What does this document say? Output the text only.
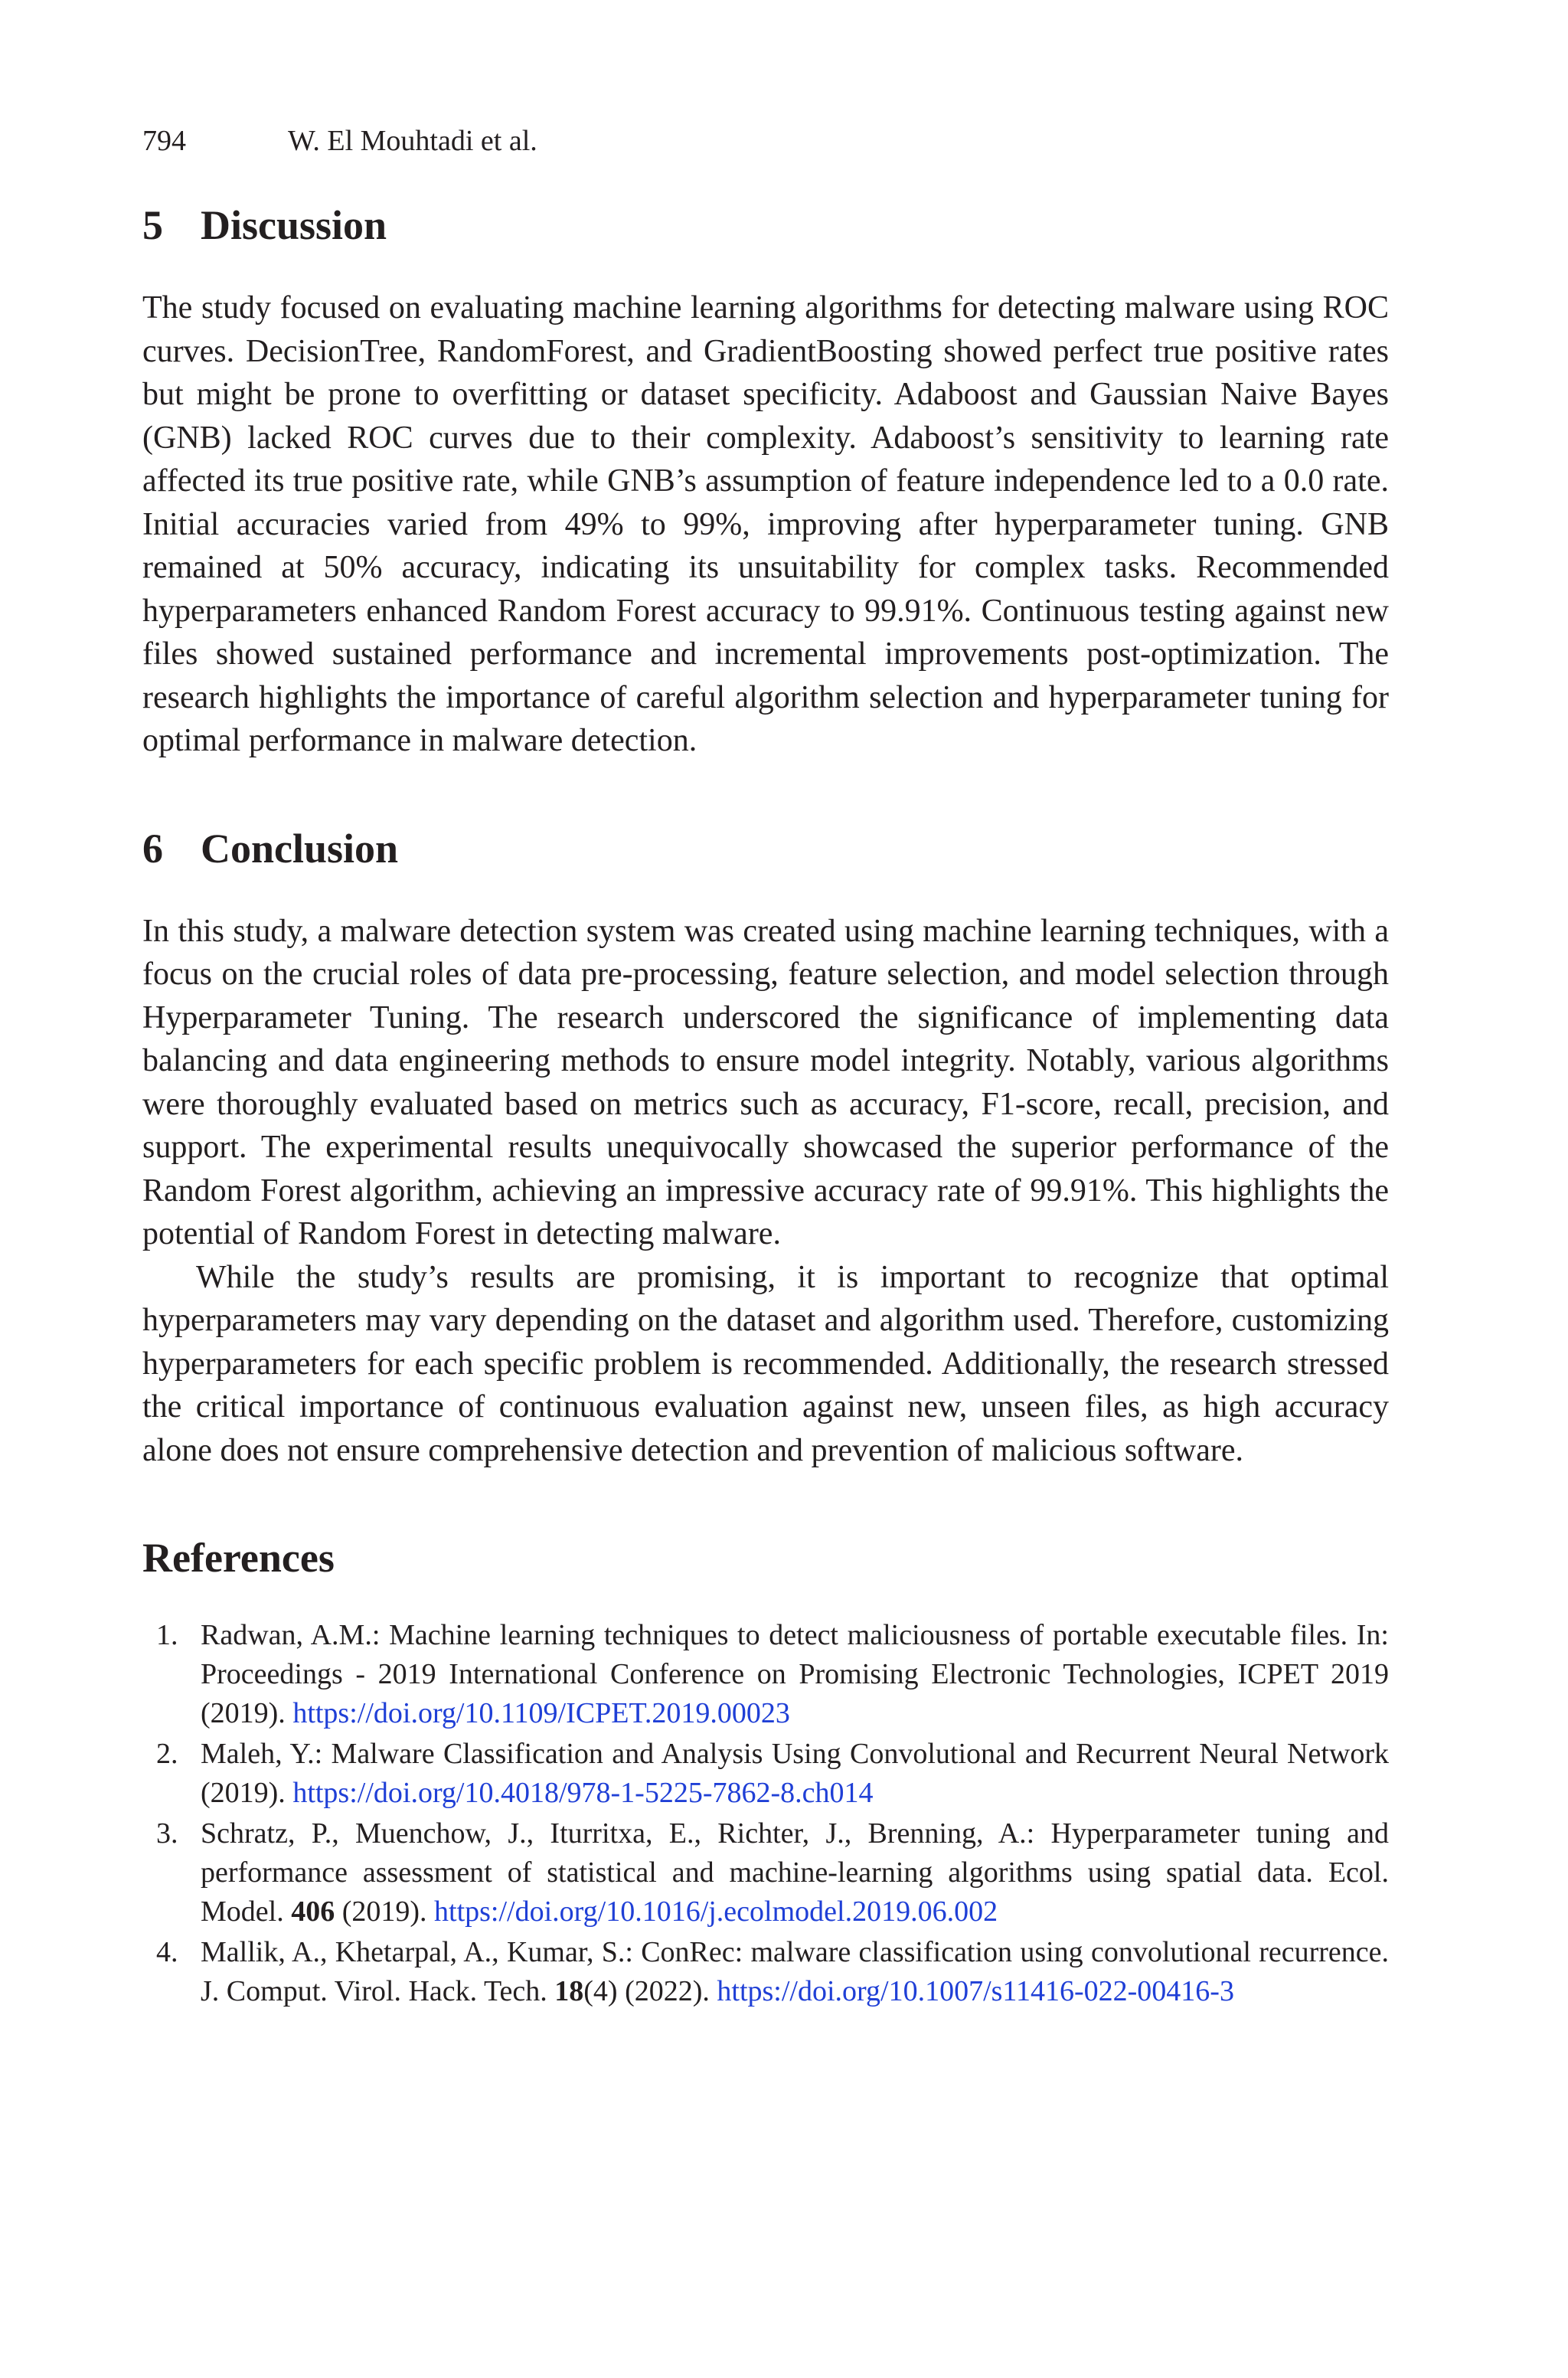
794	W. El Mouhtadi et al.
5 Discussion

The study focused on evaluating machine learning algorithms for detecting malware using ROC curves. DecisionTree, RandomForest, and GradientBoosting showed perfect true positive rates but might be prone to overfitting or dataset specificity. Adaboost and Gaussian Naive Bayes (GNB) lacked ROC curves due to their complexity. Adaboost’s sensitivity to learning rate affected its true positive rate, while GNB’s assumption of feature independence led to a 0.0 rate. Initial accuracies varied from 49% to 99%, improving after hyperparameter tuning. GNB remained at 50% accuracy, indicating its unsuitability for complex tasks. Recommended hyperparameters enhanced Random Forest accuracy to 99.91%. Continuous testing against new files showed sustained performance and incremental improvements post-optimization. The research highlights the importance of careful algorithm selection and hyperparameter tuning for optimal performance in malware detection.

6 Conclusion

In this study, a malware detection system was created using machine learning techniques, with a focus on the crucial roles of data pre-processing, feature selection, and model selection through Hyperparameter Tuning. The research underscored the significance of implementing data balancing and data engineering methods to ensure model integrity. Notably, various algorithms were thoroughly evaluated based on metrics such as accuracy, F1-score, recall, precision, and support. The experimental results unequivocally showcased the superior performance of the Random Forest algorithm, achieving an impressive accuracy rate of 99.91%. This highlights the potential of Random Forest in detecting malware.

While the study’s results are promising, it is important to recognize that optimal hyperparameters may vary depending on the dataset and algorithm used. Therefore, customizing hyperparameters for each specific problem is recommended. Additionally, the research stressed the critical importance of continuous evaluation against new, unseen files, as high accuracy alone does not ensure comprehensive detection and prevention of malicious software.

References
1. Radwan, A.M.: Machine learning techniques to detect maliciousness of portable executable files. In: Proceedings - 2019 International Conference on Promising Electronic Technologies, ICPET 2019 (2019). https://doi.org/10.1109/ICPET.2019.00023
2. Maleh, Y.: Malware Classification and Analysis Using Convolutional and Recurrent Neural Network (2019). https://doi.org/10.4018/978-1-5225-7862-8.ch014
3. Schratz, P., Muenchow, J., Iturritxa, E., Richter, J., Brenning, A.: Hyperparameter tuning and performance assessment of statistical and machine-learning algorithms using spatial data. Ecol. Model. 406 (2019). https://doi.org/10.1016/j.ecolmodel.2019.06.002
4. Mallik, A., Khetarpal, A., Kumar, S.: ConRec: malware classification using convolutional recurrence. J. Comput. Virol. Hack. Tech. 18(4) (2022). https://doi.org/10.1007/s11416-022-00416-3
